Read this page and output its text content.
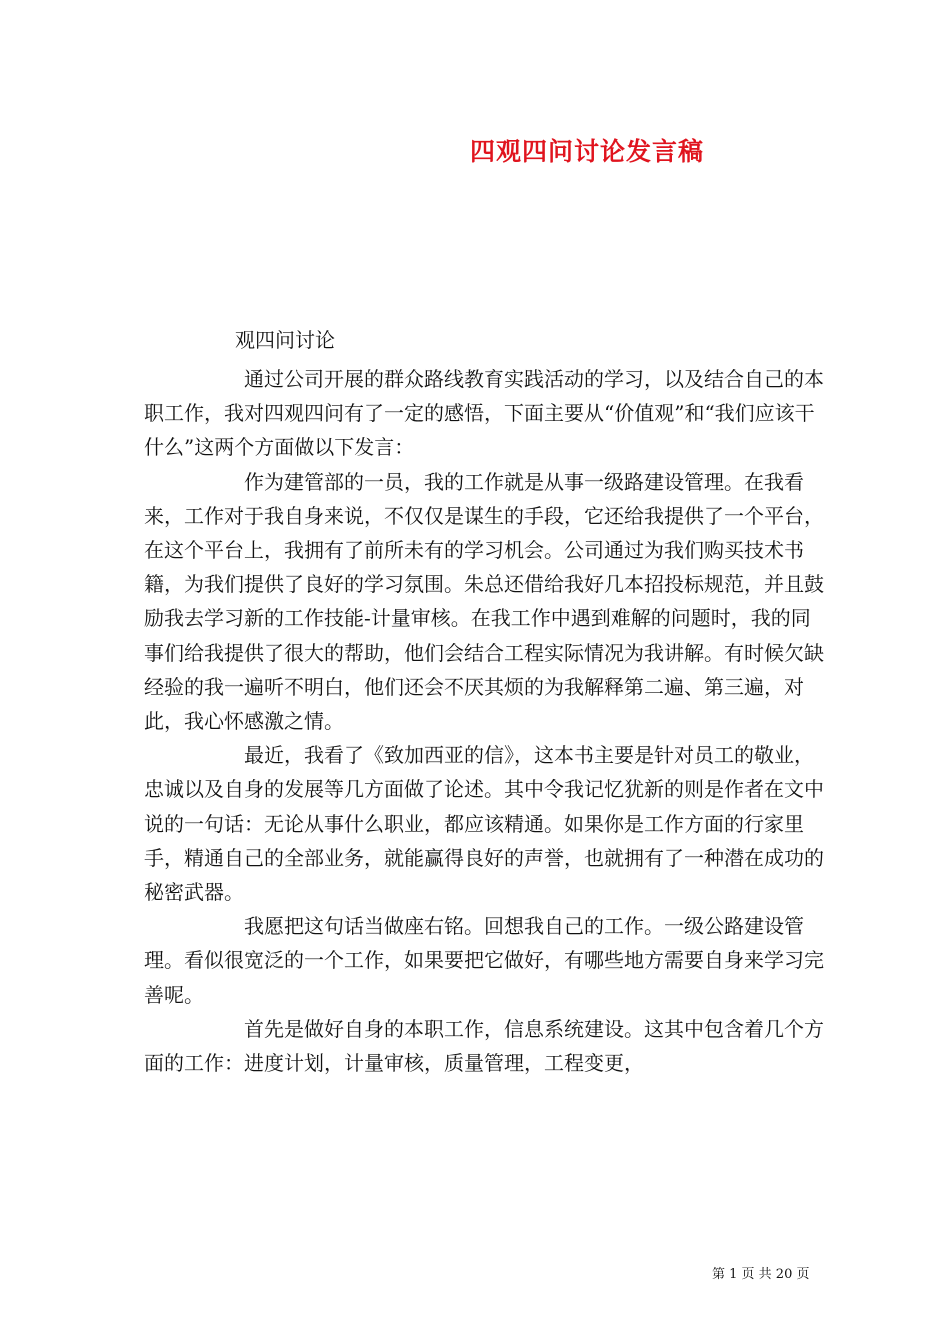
四观四问讨论发言稿
观四问讨论

通过公司开展的群众路线教育实践活动的学习，以及结合自己的本职工作，我对四观四问有了一定的感悟，下面主要从“价值观”和“我们应该干什么”这两个方面做以下发言：

作为建管部的一员，我的工作就是从事一级路建设管理。在我看来，工作对于我自身来说，不仅仅是谋生的手段，它还给我提供了一个平台，在这个平台上，我拥有了前所未有的学习机会。公司通过为我们购买技术书籍，为我们提供了良好的学习氛围。朱总还借给我好几本招投标规范，并且鼓励我去学习新的工作技能-计量审核。在我工作中遇到难解的问题时，我的同事们给我提供了很大的帮助，他们会结合工程实际情况为我讲解。有时候欠缺经验的我一遍听不明白，他们还会不厌其烦的为我解释第二遍、第三遍，对此，我心怀感激之情。

最近，我看了《致加西亚的信》，这本书主要是针对员工的敬业，忠诚以及自身的发展等几方面做了论述。其中令我记忆犹新的则是作者在文中说的一句话：无论从事什么职业，都应该精通。如果你是工作方面的行家里手，精通自己的全部业务，就能赢得良好的声誉，也就拥有了一种潜在成功的秘密武器。

我愿把这句话当做座右铭。回想我自己的工作。一级公路建设管理。看似很宽泛的一个工作，如果要把它做好，有哪些地方需要自身来学习完善呢。

首先是做好自身的本职工作，信息系统建设。这其中包含着几个方面的工作：进度计划，计量审核，质量管理，工程变更，

第 1 页 共 20 页
